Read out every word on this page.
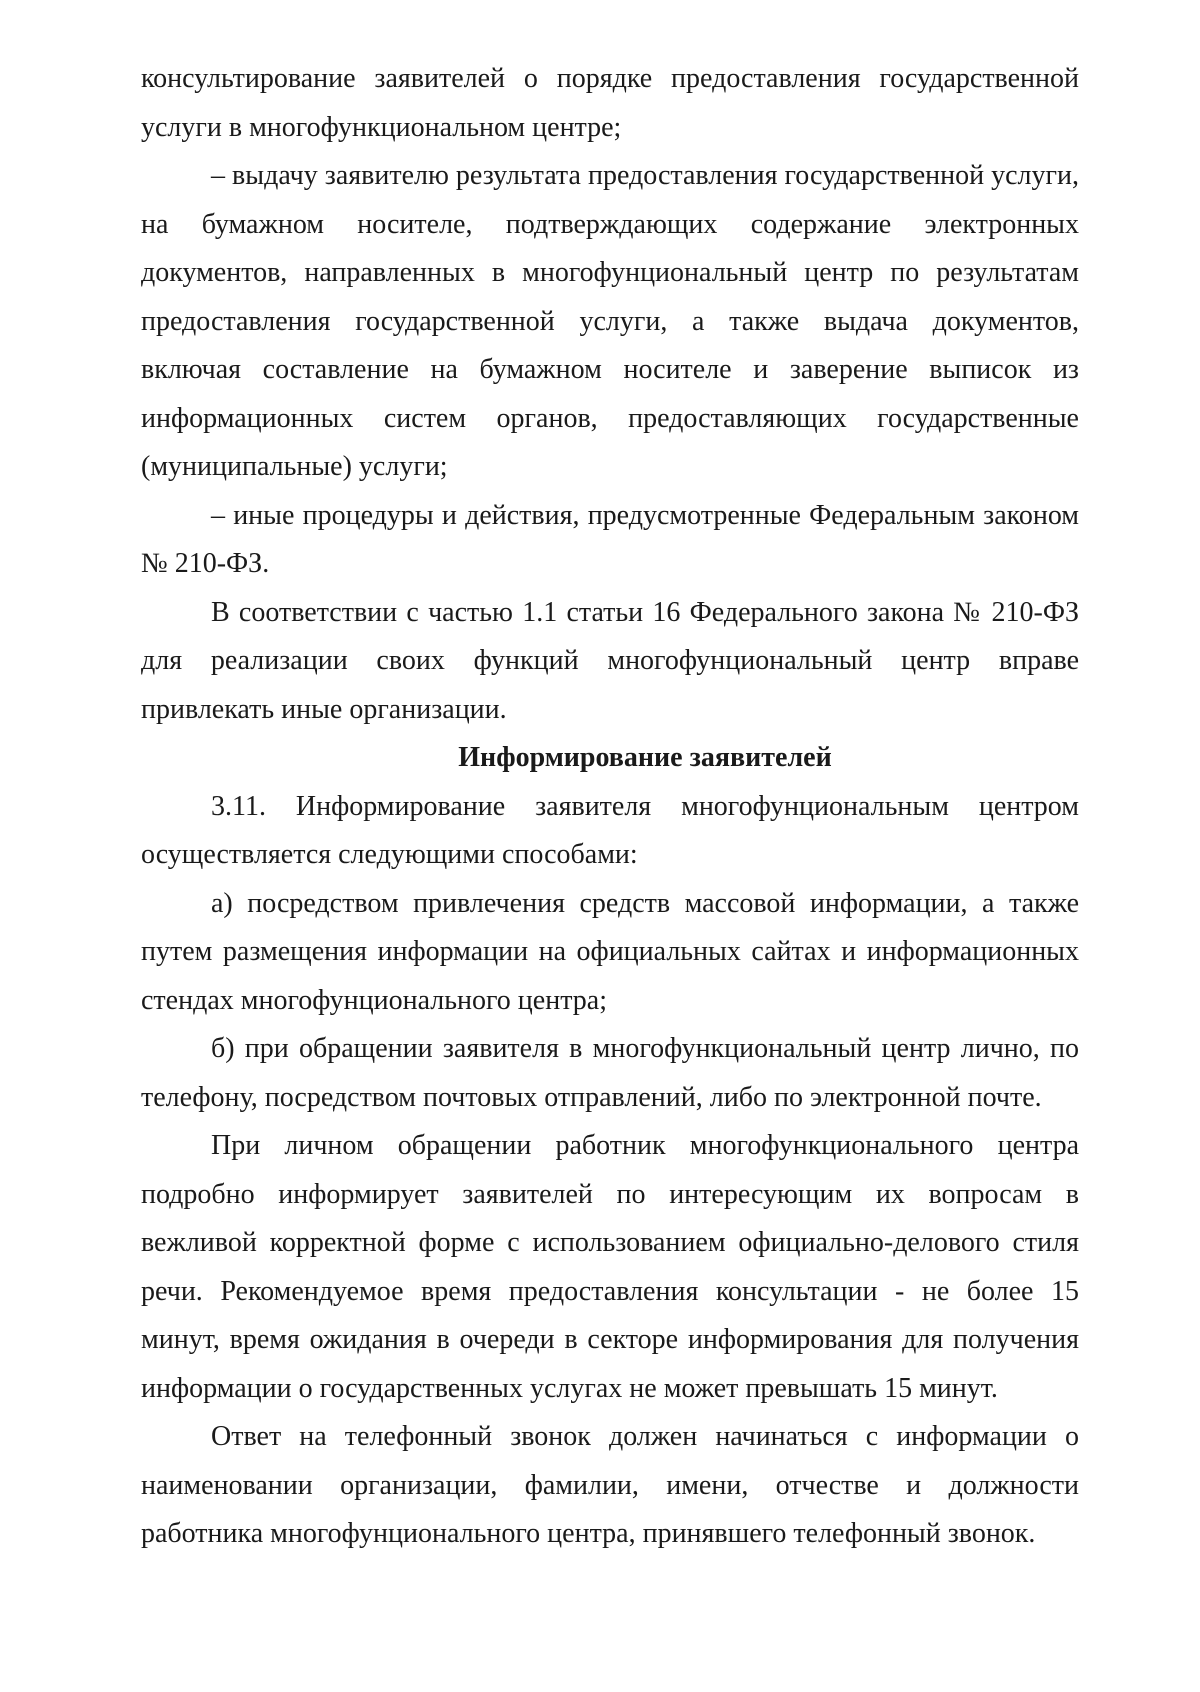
консультирование заявителей о порядке предоставления государственной услуги в многофункциональном центре;

– выдачу заявителю результата предоставления государственной услуги, на бумажном носителе, подтверждающих содержание электронных документов, направленных в многофунциональный центр по результатам предоставления государственной услуги, а также выдача документов, включая составление на бумажном носителе и заверение выписок из информационных систем органов, предоставляющих государственные (муниципальные) услуги;

– иные процедуры и действия, предусмотренные Федеральным законом № 210-ФЗ.

В соответствии с частью 1.1 статьи 16 Федерального закона № 210-ФЗ для реализации своих функций многофунциональный центр вправе привлекать иные организации.

Информирование заявителей

3.11. Информирование заявителя многофунциональным центром осуществляется следующими способами:

а) посредством привлечения средств массовой информации, а также путем размещения информации на официальных сайтах и информационных стендах многофунционального центра;

б) при обращении заявителя в многофункциональный центр лично, по телефону, посредством почтовых отправлений, либо по электронной почте.

При личном обращении работник многофункционального центра подробно информирует заявителей по интересующим их вопросам в вежливой корректной форме с использованием официально-делового стиля речи. Рекомендуемое время предоставления консультации - не более 15 минут, время ожидания в очереди в секторе информирования для получения информации о государственных услугах не может превышать 15 минут.

Ответ на телефонный звонок должен начинаться с информации о наименовании организации, фамилии, имени, отчестве и должности работника многофунционального центра, принявшего телефонный звонок.
